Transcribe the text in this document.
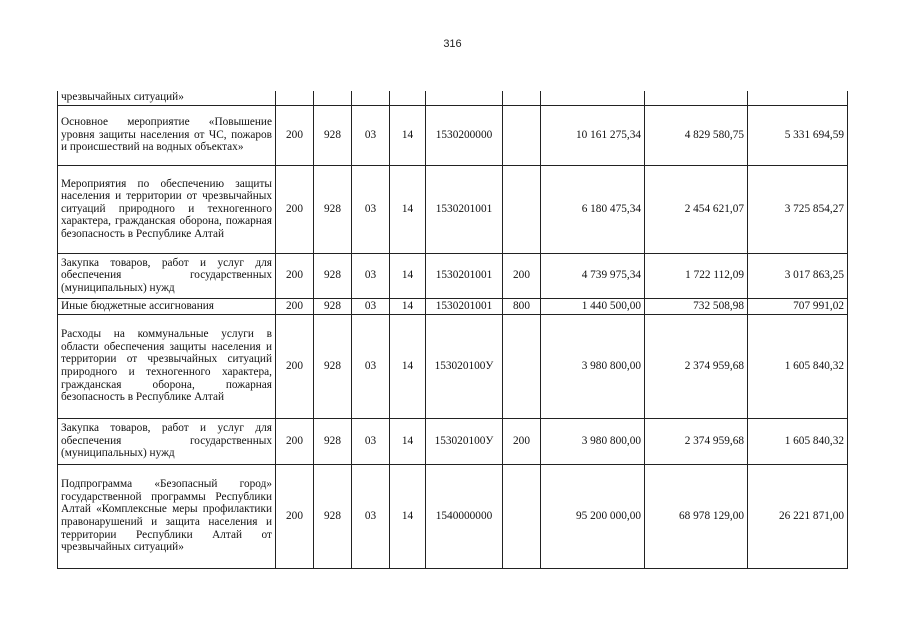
316
чрезвычайных ситуаций»									
Основное мероприятие «Повышение уровня защиты населения от ЧС, пожаров и происшествий на водных объектах»	200	928	03	14	1530200000		10 161 275,34	4 829 580,75	5 331 694,59
Мероприятия по обеспечению защиты населения и территории от чрезвычайных ситуаций природного и техногенного характера, гражданская оборона, пожарная безопасность в Республике Алтай	200	928	03	14	1530201001		6 180 475,34	2 454 621,07	3 725 854,27
Закупка товаров, работ и услуг для обеспечения государственных (муниципальных) нужд	200	928	03	14	1530201001	200	4 739 975,34	1 722 112,09	3 017 863,25
Иные бюджетные ассигнования	200	928	03	14	1530201001	800	1 440 500,00	732 508,98	707 991,02
Расходы на коммунальные услуги в области обеспечения защиты населения и территории от чрезвычайных ситуаций природного и техногенного характера, гражданская оборона, пожарная безопасность в Республике Алтай	200	928	03	14	153020100У		3 980 800,00	2 374 959,68	1 605 840,32
Закупка товаров, работ и услуг для обеспечения государственных (муниципальных) нужд	200	928	03	14	153020100У	200	3 980 800,00	2 374 959,68	1 605 840,32
Подпрограмма «Безопасный город» государственной программы Республики Алтай «Комплексные меры профилактики правонарушений и защита населения и территории Республики Алтай от чрезвычайных ситуаций»	200	928	03	14	1540000000		95 200 000,00	68 978 129,00	26 221 871,00
